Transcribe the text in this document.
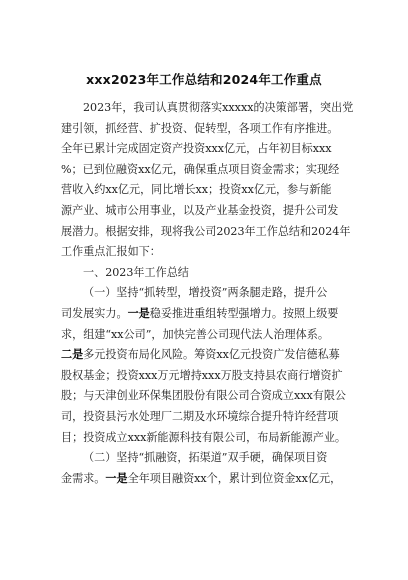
xxx2023年工作总结和2024年工作重点
2023年，我司认真贯彻落实xxxxx的决策部署，突出党
建引领，抓经营、扩投资、促转型，各项工作有序推进。
全年已累计完成固定资产投资xxx亿元，占年初目标xxx
%；已到位融资xx亿元，确保重点项目资金需求；实现经
营收入约xx亿元，同比增长xx；投资xx亿元，参与新能
源产业、城市公用事业，以及产业基金投资，提升公司发
展潜力。根据安排，现将我公司2023年工作总结和2024年
工作重点汇报如下：
一、2023年工作总结
（一）坚持“抓转型，增投资”两条腿走路，提升公
司发展实力。一是稳妥推进重组转型强增力。按照上级要
求，组建“xx公司”，加快完善公司现代法人治理体系。
二是多元投资布局化风险。筹资xx亿元投资广发信德私募
股权基金；投资xxx万元增持xxx万股支持县农商行增资扩
股；与天津创业环保集团股份有限公司合资成立xxx有限公
司，投资县污水处理厂二期及水环境综合提升特许经营项
目；投资成立xxx新能源科技有限公司，布局新能源产业。
（二）坚持“抓融资，拓渠道”双手硬，确保项目资
金需求。一是全年项目融资xx个，累计到位资金xx亿元，
